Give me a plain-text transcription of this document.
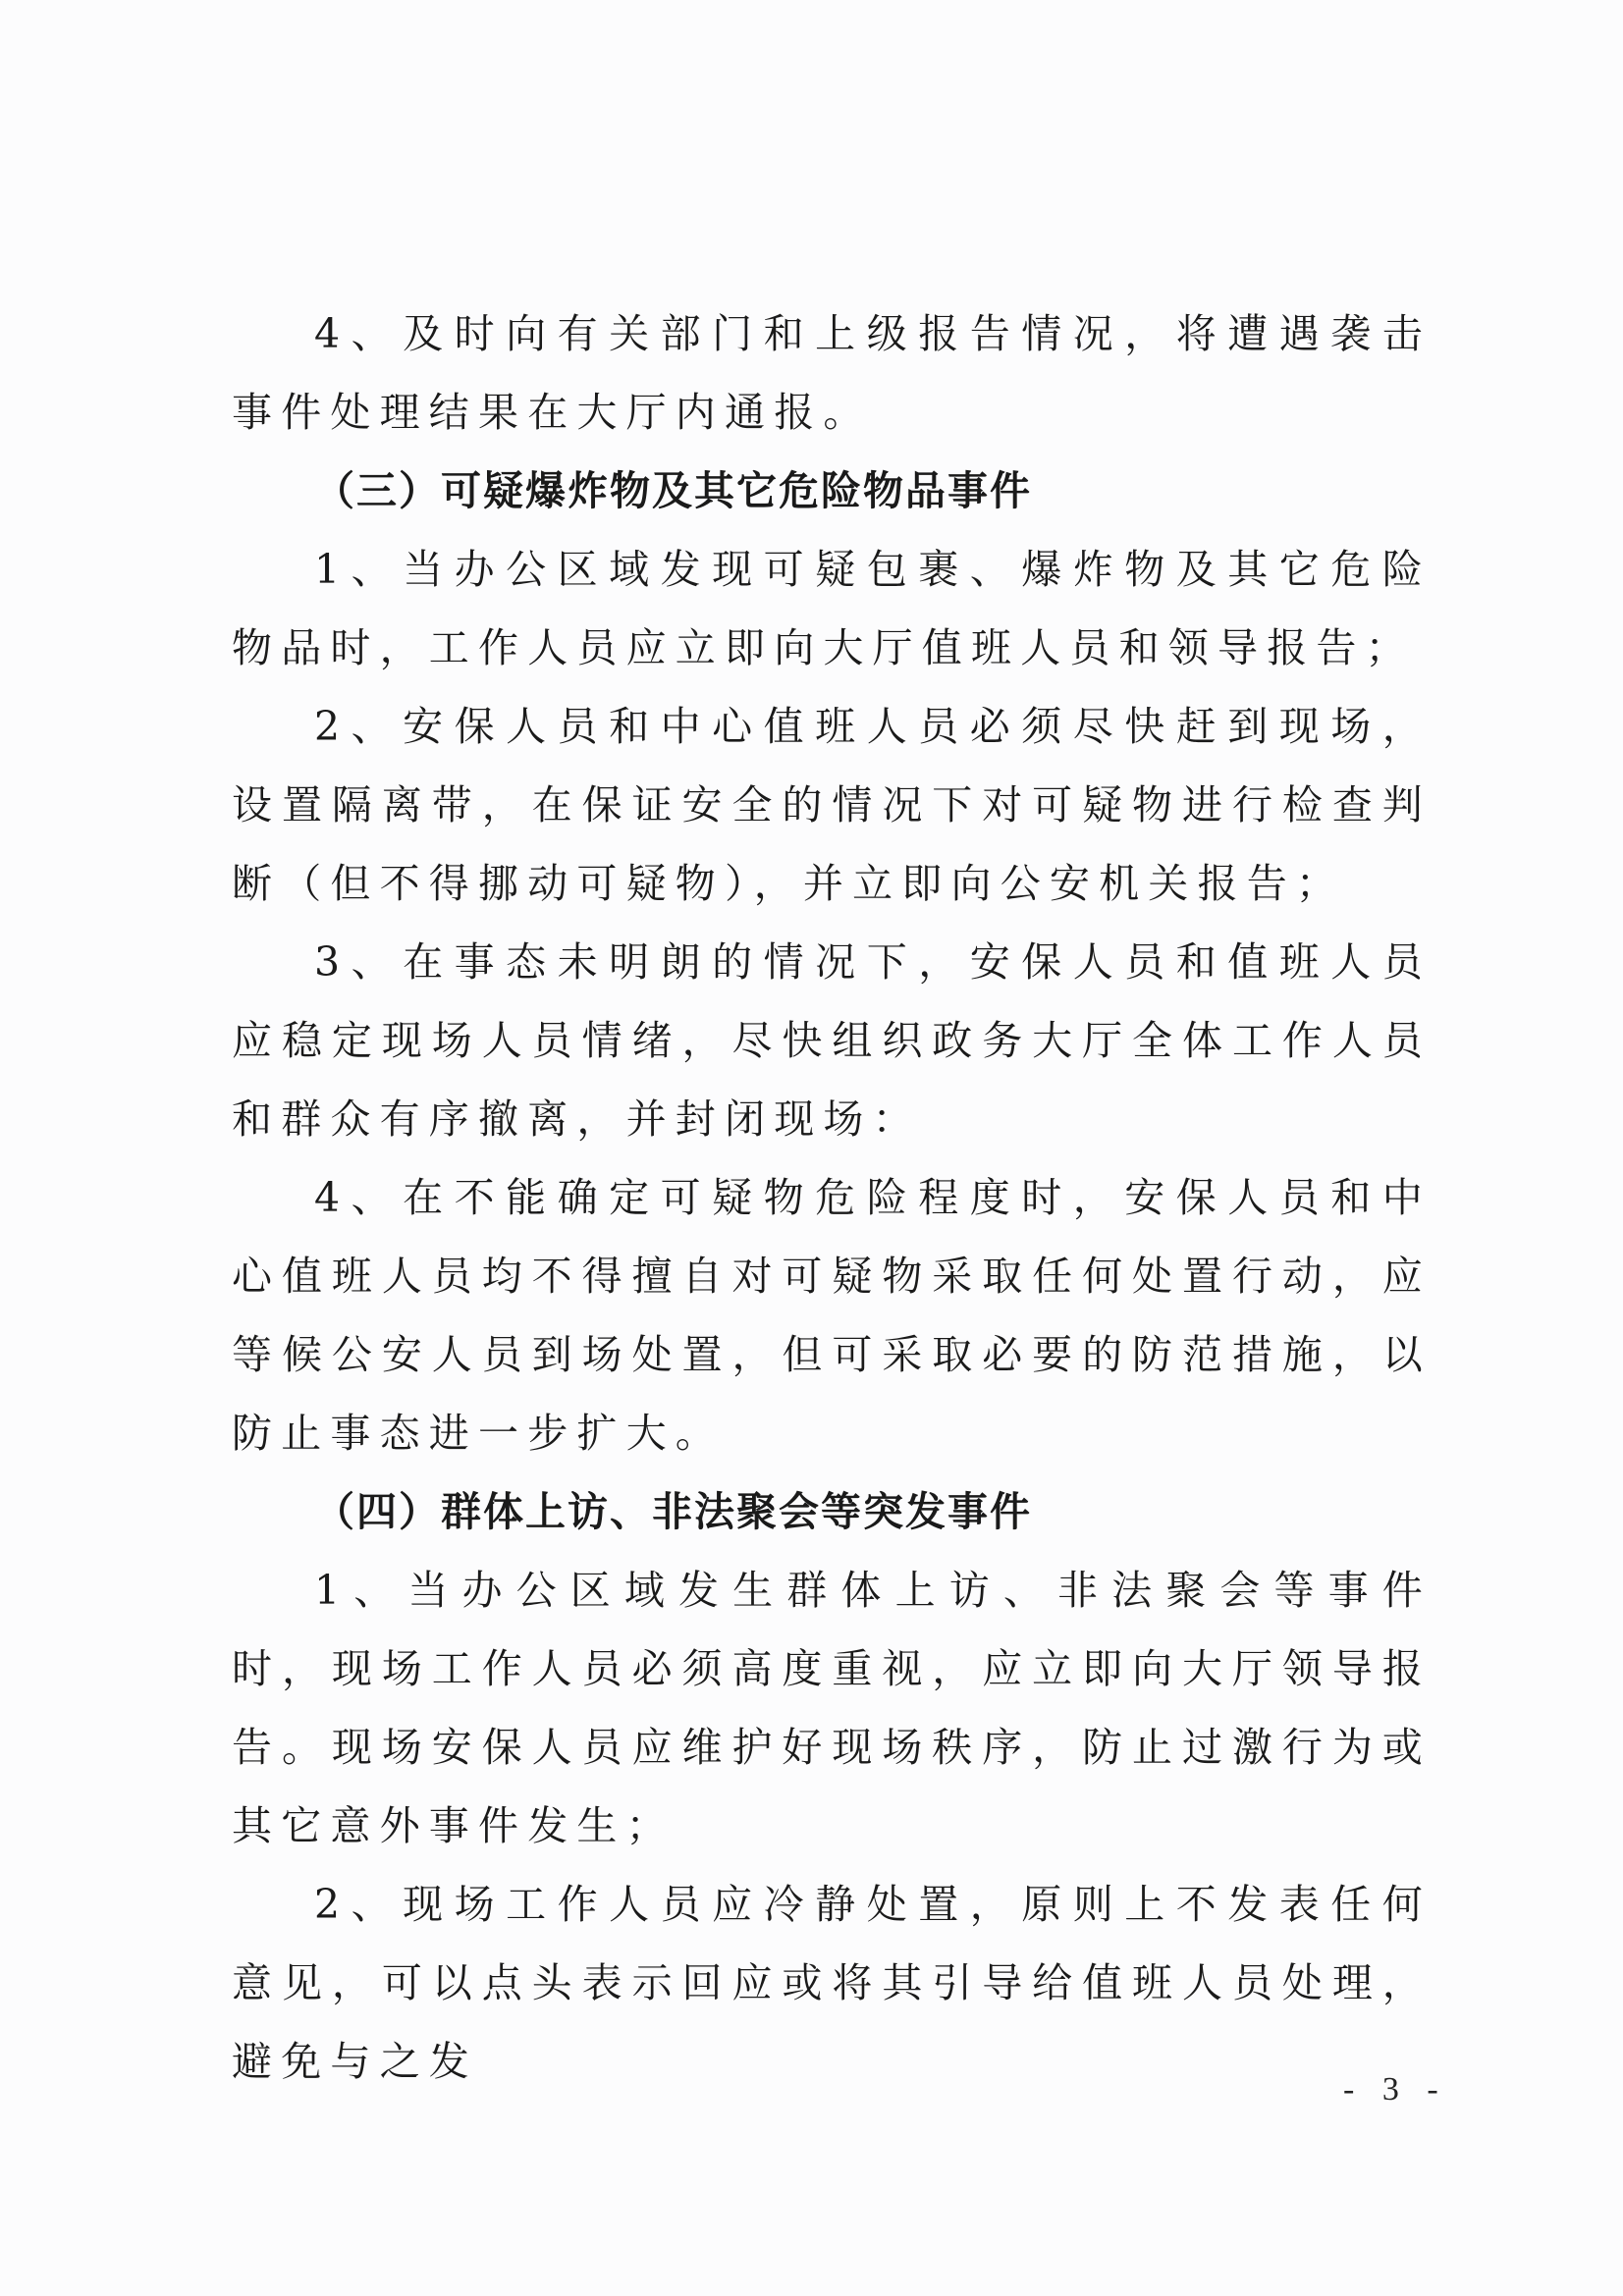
4、及时向有关部门和上级报告情况，将遭遇袭击事件处理结果在大厅内通报。

（三）可疑爆炸物及其它危险物品事件

1、当办公区域发现可疑包裹、爆炸物及其它危险物品时，工作人员应立即向大厅值班人员和领导报告；

2、安保人员和中心值班人员必须尽快赶到现场，设置隔离带，在保证安全的情况下对可疑物进行检查判断（但不得挪动可疑物），并立即向公安机关报告；

3、在事态未明朗的情况下，安保人员和值班人员应稳定现场人员情绪，尽快组织政务大厅全体工作人员和群众有序撤离，并封闭现场：

4、在不能确定可疑物危险程度时，安保人员和中心值班人员均不得擅自对可疑物采取任何处置行动，应等候公安人员到场处置，但可采取必要的防范措施，以防止事态进一步扩大。

（四）群体上访、非法聚会等突发事件

1、当办公区域发生群体上访、非法聚会等事件时，现场工作人员必须高度重视，应立即向大厅领导报告。现场安保人员应维护好现场秩序，防止过激行为或其它意外事件发生；

2、现场工作人员应冷静处置，原则上不发表任何意见，可以点头表示回应或将其引导给值班人员处理，避免与之发

- 3 -
